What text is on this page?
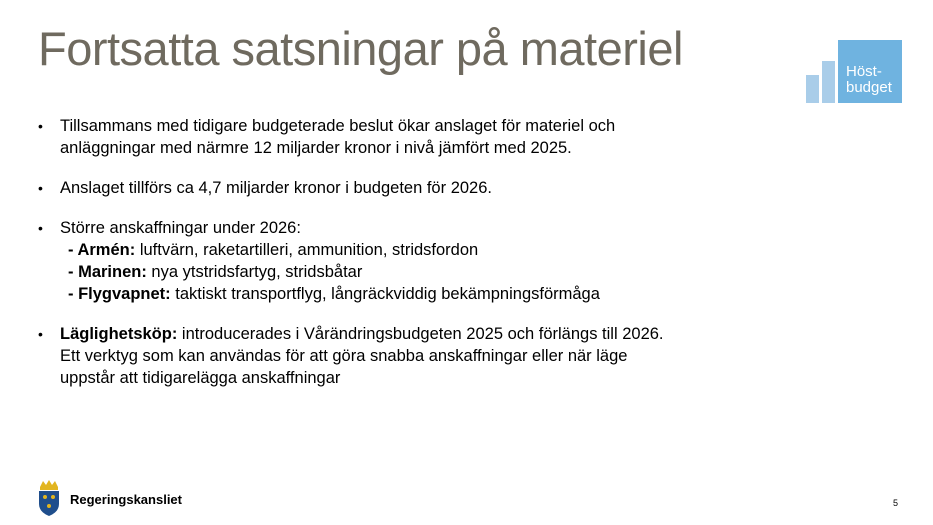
Fortsatta satsningar på materiel	Höst-
budget
• Tillsammans med tidigare budgeterade beslut ökar anslaget för materiel och anläggningar med närmre 12 miljarder kronor i nivå jämfört med 2025.
• Anslaget tillförs ca 4,7 miljarder kronor i budgeten för 2026.
• Större anskaffningar under 2026:
- Armén: luftvärn, raketartilleri, ammunition, stridsfordon
- Marinen: nya ytstridsfartyg, stridsbåtar
- Flygvapnet: taktiskt transportflyg, långräckviddig bekämpningsförmåga
• Läglighetsköp: introducerades i Vårändringsbudgeten 2025 och förlängs till 2026. Ett verktyg som kan användas för att göra snabba anskaffningar eller när läge uppstår att tidigarelägga anskaffningar
Regeringskansliet	5
